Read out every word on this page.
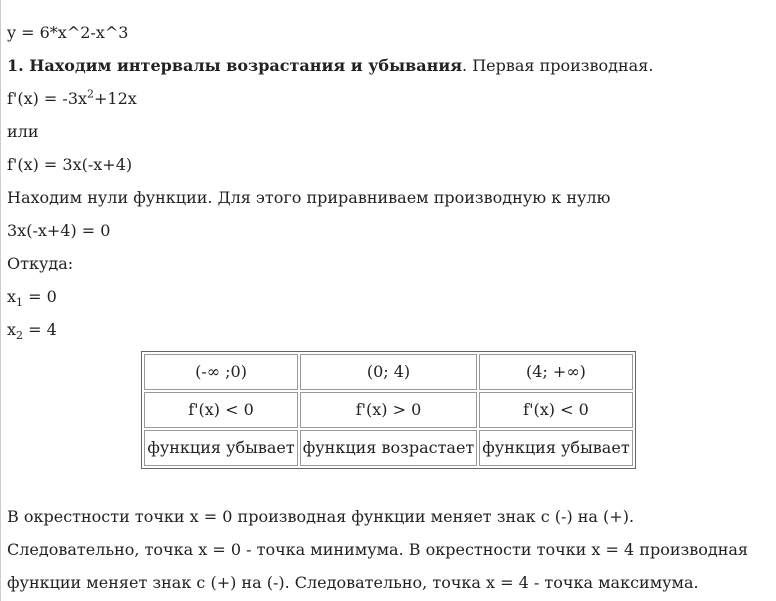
y = 6*x^2-x^3

1. Находим интервалы возрастания и убывания. Первая производная.

$f'(x) = -3x^2+12x$

или

f'(x) = 3x(-x+4)

Находим нули функции. Для этого приравниваем производную к нулю

3x(-x+4) = 0

Откуда:

$x_1 = 0$

$x_2 = 4$

(-∞ ;0)	(0; 4)	(4; +∞)
f'(x) < 0	f'(x) > 0	f'(x) < 0
функция убывает	функция возрастает	функция убывает

В окрестности точки x = 0 производная функции меняет знак с (-) на (+). Следовательно, точка x = 0 - точка минимума. В окрестности точки x = 4 производная функции меняет знак с (+) на (-). Следовательно, точка x = 4 - точка максимума.
